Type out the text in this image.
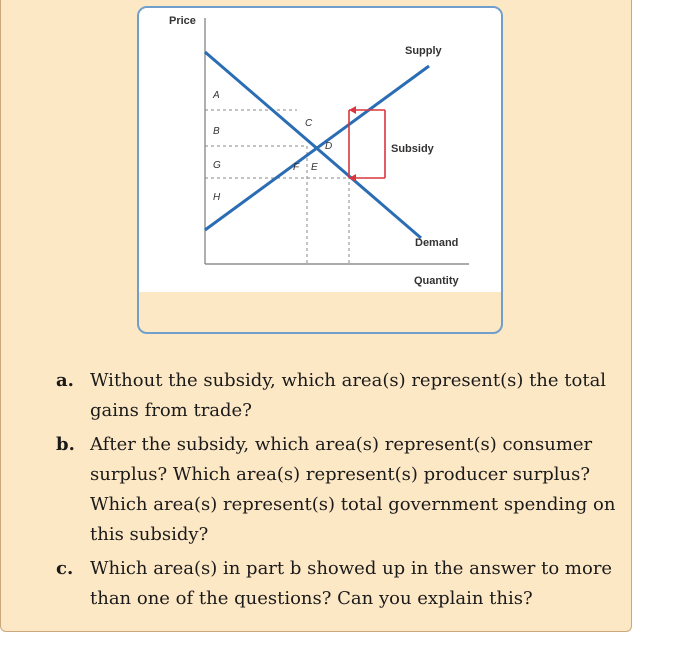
Price
Quantity
Supply
Demand
Subsidy
A
B
G
H
C
D
F E
a. Without the subsidy, which area(s) represent(s) the total gains from trade?
b. After the subsidy, which area(s) represent(s) consumer surplus? Which area(s) represent(s) producer surplus? Which area(s) represent(s) total government spending on this subsidy?
c. Which area(s) in part b showed up in the answer to more than one of the questions? Can you explain this?
